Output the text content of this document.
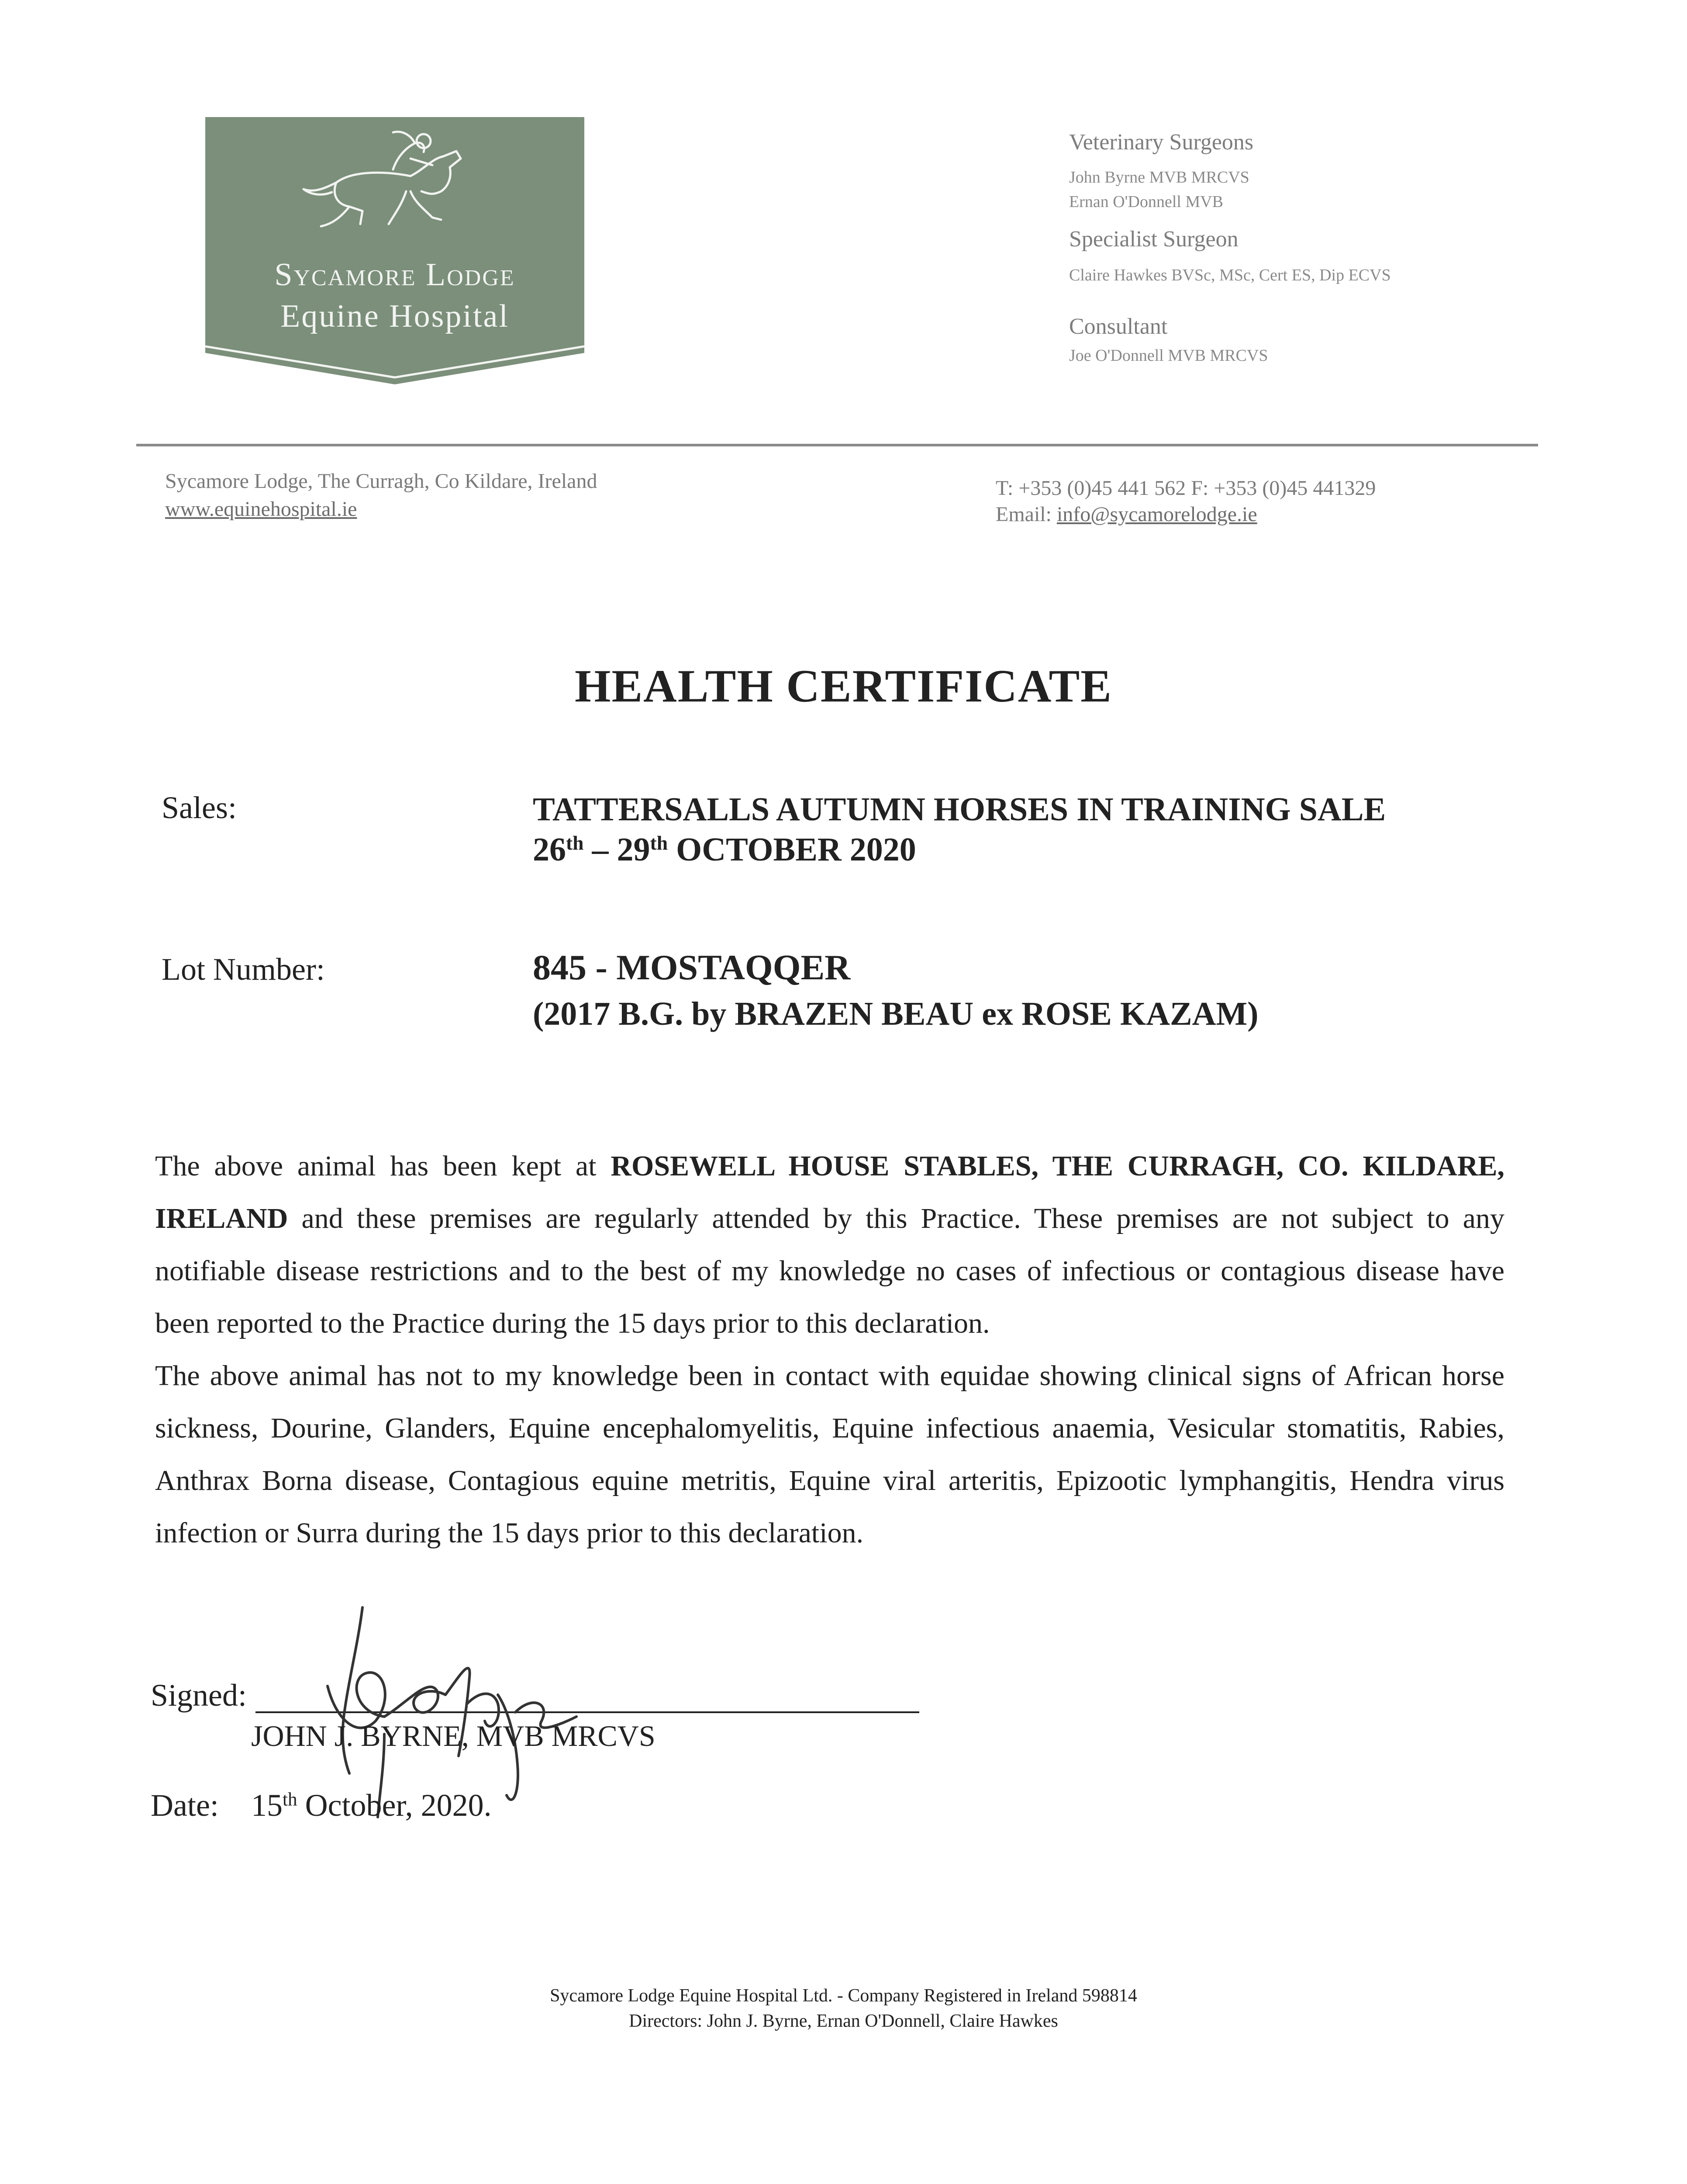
Sycamore Lodge
Equine Hospital
Veterinary Surgeons
John Byrne MVB MRCVS
Ernan O'Donnell MVB
Specialist Surgeon
Claire Hawkes BVSc, MSc, Cert ES, Dip ECVS
Consultant
Joe O'Donnell MVB MRCVS
Sycamore Lodge, The Curragh, Co Kildare, Ireland
www.equinehospital.ie
T: +353 (0)45 441 562 F: +353 (0)45 441329
Email: info@sycamorelodge.ie
HEALTH CERTIFICATE
Sales:	TATTERSALLS AUTUMN HORSES IN TRAINING SALE
26th – 29th OCTOBER 2020
Lot Number:	845 - MOSTAQQER
(2017 B.G. by BRAZEN BEAU ex ROSE KAZAM)

The above animal has been kept at ROSEWELL HOUSE STABLES, THE CURRAGH, CO. KILDARE, IRELAND and these premises are regularly attended by this Practice. These premises are not subject to any notifiable disease restrictions and to the best of my knowledge no cases of infectious or contagious disease have been reported to the Practice during the 15 days prior to this declaration.

The above animal has not to my knowledge been in contact with equidae showing clinical signs of African horse sickness, Dourine, Glanders, Equine encephalomyelitis, Equine infectious anaemia, Vesicular stomatitis, Rabies, Anthrax Borna disease, Contagious equine metritis, Equine viral arteritis, Epizootic lymphangitis, Hendra virus infection or Surra during the 15 days prior to this declaration.

Signed:
JOHN J. BYRNE, MVB MRCVS
Date: 15th October, 2020.
Sycamore Lodge Equine Hospital Ltd. - Company Registered in Ireland 598814
Directors: John J. Byrne, Ernan O'Donnell, Claire Hawkes
